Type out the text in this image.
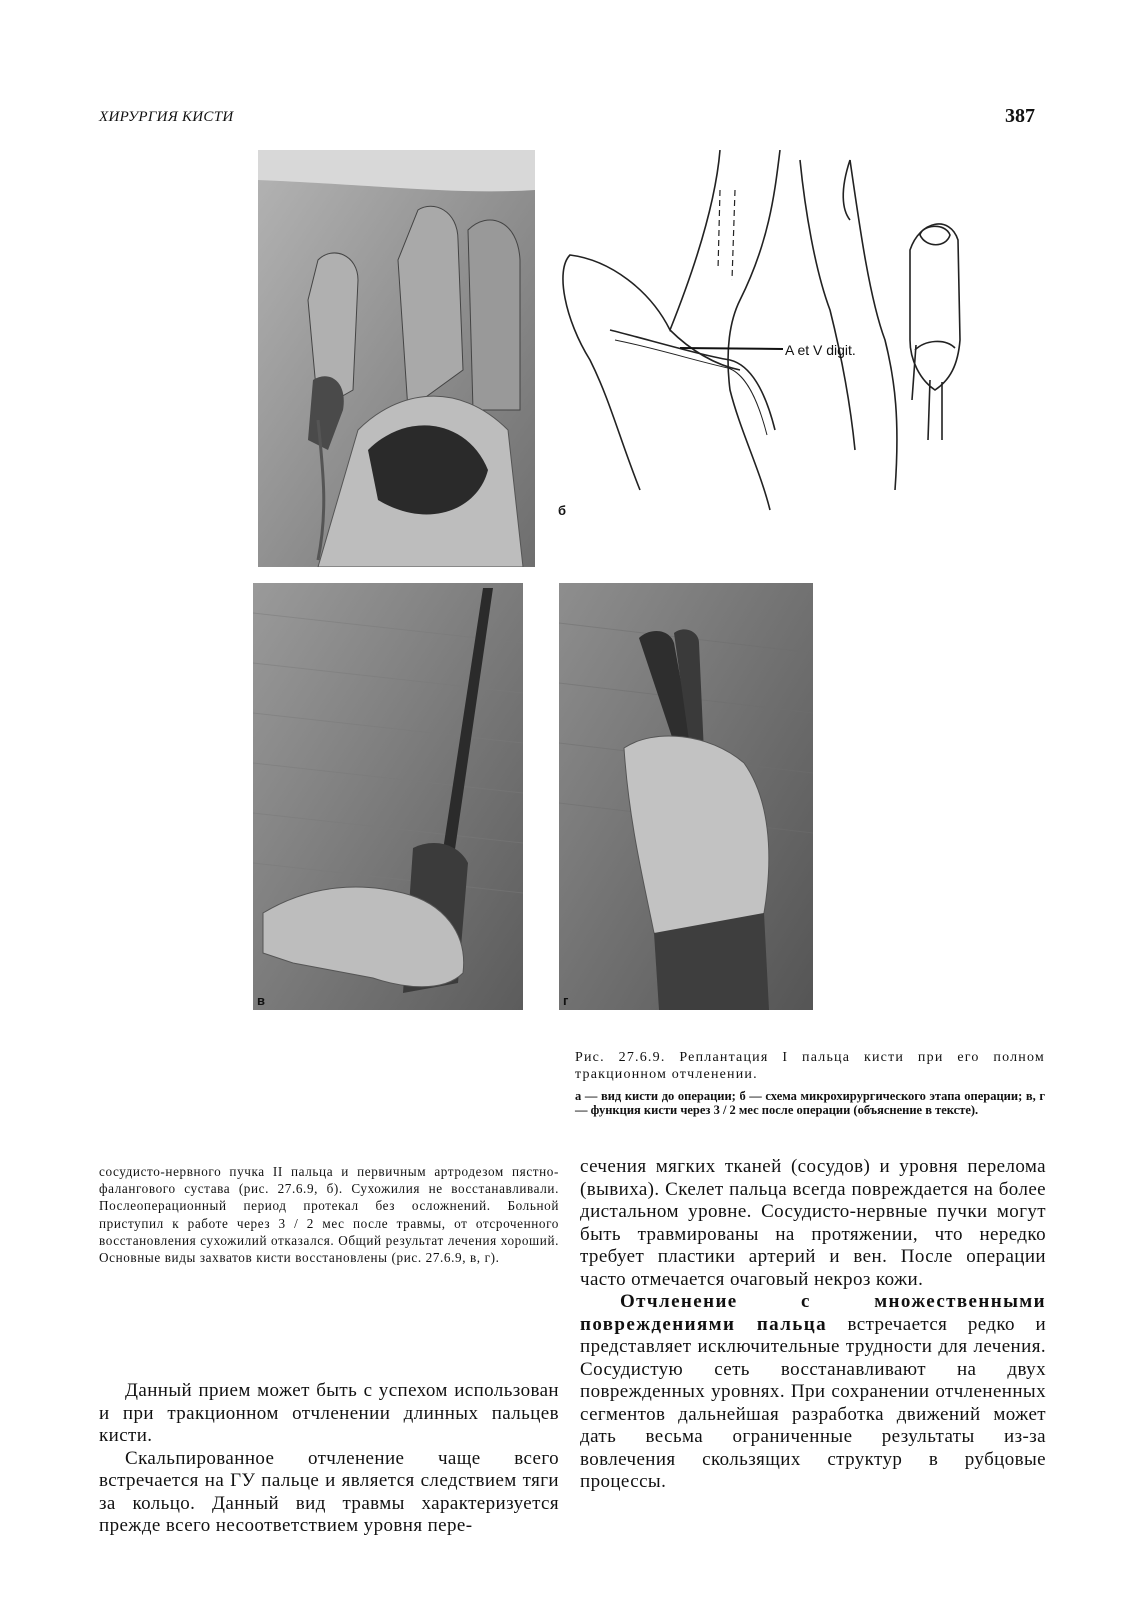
ХИРУРГИЯ КИСТИ	387
A et V digit.
б
в	г
Рис. 27.6.9. Реплантация I пальца кисти при его полном тракционном отчленении.
а — вид кисти до операции; б — схема микрохирургического этапа операции; в, г — функция кисти через 3 / 2 мес после операции (объяснение в тексте).

сосудисто-нервного пучка II пальца и первичным артродезом пястно-фалангового сустава (рис. 27.6.9, б). Сухожилия не восстанавливали. Послеоперационный период протекал без осложнений. Больной приступил к работе через 3 / 2 мес после травмы, от отсроченного восстановления сухожилий отказался. Общий результат лечения хороший. Основные виды захватов кисти восстановлены (рис. 27.6.9, в, г).

Данный прием может быть с успехом использован и при тракционном отчленении длинных пальцев кисти.

Скальпированное отчленение чаще всего встречается на ГУ пальце и является следствием тяги за кольцо. Данный вид травмы характеризуется прежде всего несоответствием уровня пере-

сечения мягких тканей (сосудов) и уровня перелома (вывиха). Скелет пальца всегда повреждается на более дистальном уровне. Сосудисто-нервные пучки могут быть травмированы на протяжении, что нередко требует пластики артерий и вен. После операции часто отмечается очаговый некроз кожи.

Отчленение с множественными повреждениями пальца встречается редко и представляет исключительные трудности для лечения. Сосудистую сеть восстанавливают на двух поврежденных уровнях. При сохранении отчлененных сегментов дальнейшая разработка движений может дать весьма ограниченные результаты из-за вовлечения скользящих структур в рубцовые процессы.
